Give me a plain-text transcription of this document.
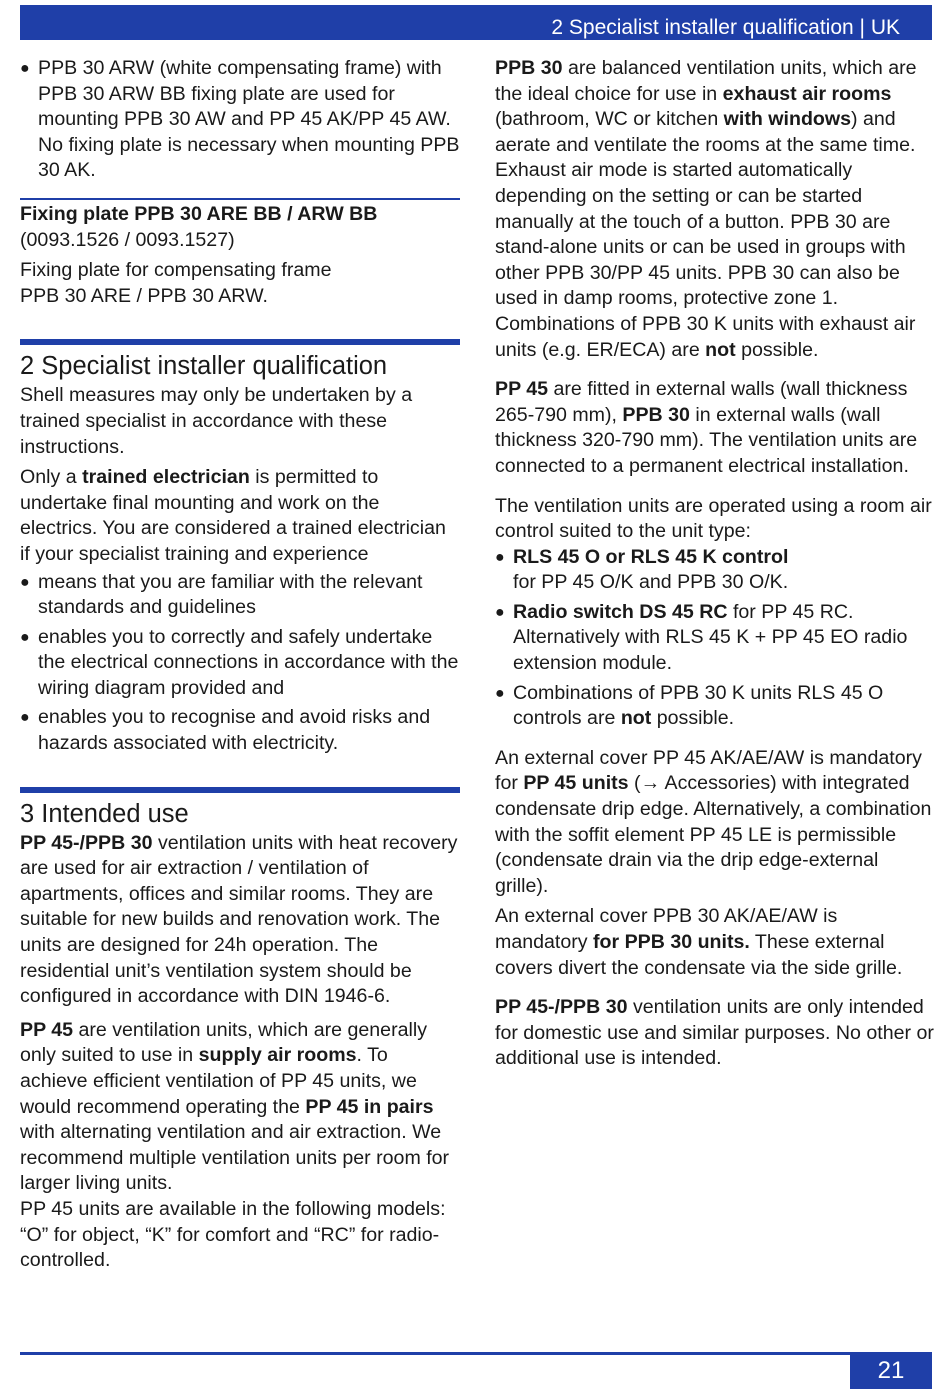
2 Specialist installer qualification | UK

● PPB 30 ARW (white compensating frame) with PPB 30 ARW BB fixing plate are used for mounting PPB 30 AW and PP 45 AK/PP 45 AW. No fixing plate is necessary when mounting PPB 30 AK.

Fixing plate PPB 30 ARE BB / ARW BB

(0093.1526 / 0093.1527)

Fixing plate for compensating frame

PPB 30 ARE / PPB 30 ARW.

2 Specialist installer qualification

Shell measures may only be undertaken by a trained specialist in accordance with these instructions.

Only a trained electrician is permitted to undertake final mounting and work on the electrics. You are considered a trained electrician if your specialist training and experience

● means that you are familiar with the relevant standards and guidelines

● enables you to correctly and safely undertake the electrical connections in accordance with the wiring diagram provided and

● enables you to recognise and avoid risks and hazards associated with electricity.

3 Intended use

PP 45-/PPB 30 ventilation units with heat recovery are used for air extraction / ventilation of apartments, offices and similar rooms. They are suitable for new builds and renovation work. The units are designed for 24h operation. The residential unit’s ventilation system should be configured in accordance with DIN 1946-6.

PP 45 are ventilation units, which are generally only suited to use in supply air rooms. To achieve efficient ventilation of PP 45 units, we would recommend operating the PP 45 in pairs with alternating ventilation and air extraction. We recommend multiple ventilation units per room for larger living units.

PP 45 units are available in the following models: “O” for object, “K” for comfort and “RC” for radio-controlled.

PPB 30 are balanced ventilation units, which are the ideal choice for use in exhaust air rooms (bathroom, WC or kitchen with windows) and aerate and ventilate the rooms at the same time. Exhaust air mode is started automatically depending on the setting or can be started manually at the touch of a button. PPB 30 are stand-alone units or can be used in groups with other PPB 30/PP 45 units. PPB 30 can also be used in damp rooms, protective zone 1. Combinations of PPB 30 K units with exhaust air units (e.g. ER/ECA) are not possible.

PP 45 are fitted in external walls (wall thickness 265-790 mm), PPB 30 in external walls (wall thickness 320-790 mm). The ventilation units are connected to a permanent electrical installation.

The ventilation units are operated using a room air control suited to the unit type:

● RLS 45 O or RLS 45 K control
for PP 45 O/K and PPB 30 O/K.

● Radio switch DS 45 RC for PP 45 RC. Alternatively with RLS 45 K + PP 45 EO radio extension module.

● Combinations of PPB 30 K units RLS 45 O controls are not possible.

An external cover PP 45 AK/AE/AW is mandatory for PP 45 units (→ Accessories) with integrated condensate drip edge. Alternatively, a combination with the soffit element PP 45 LE is permissible (condensate drain via the drip edge-external grille).

An external cover PPB 30 AK/AE/AW is mandatory for PPB 30 units. These external covers divert the condensate via the side grille.

PP 45-/PPB 30 ventilation units are only intended for domestic use and similar purposes. No other or additional use is intended.

21
